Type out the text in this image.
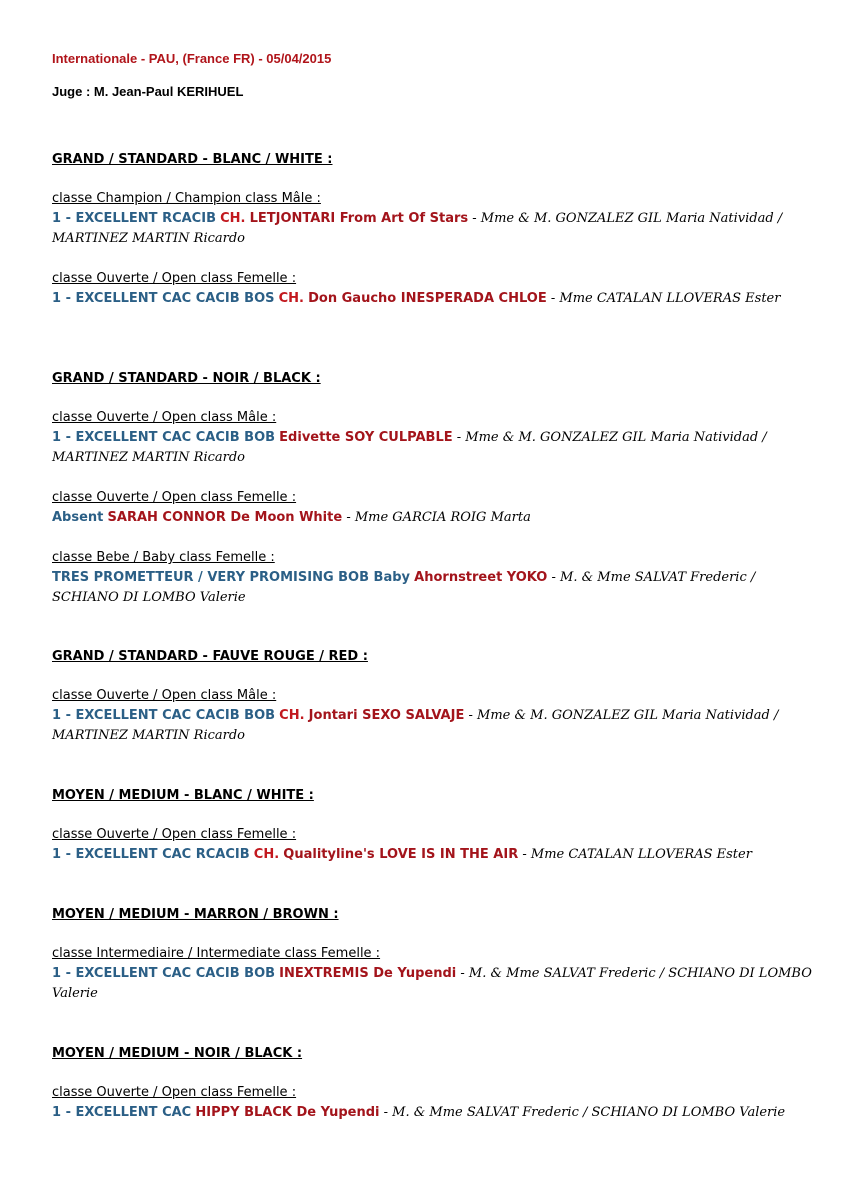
Internationale - PAU, (France FR) - 05/04/2015
Juge : M. Jean-Paul KERIHUEL
GRAND / STANDARD - BLANC / WHITE :
classe Champion / Champion class Mâle :
1 - EXCELLENT RCACIB CH. LETJONTARI From Art Of Stars - Mme & M. GONZALEZ GIL Maria Natividad / MARTINEZ MARTIN Ricardo
classe Ouverte / Open class Femelle :
1 - EXCELLENT CAC CACIB BOS CH. Don Gaucho INESPERADA CHLOE - Mme CATALAN LLOVERAS Ester
GRAND / STANDARD - NOIR / BLACK :
classe Ouverte / Open class Mâle :
1 - EXCELLENT CAC CACIB BOB Edivette SOY CULPABLE - Mme & M. GONZALEZ GIL Maria Natividad / MARTINEZ MARTIN Ricardo
classe Ouverte / Open class Femelle :
Absent SARAH CONNOR De Moon White - Mme GARCIA ROIG Marta
classe Bebe / Baby class Femelle :
TRES PROMETTEUR / VERY PROMISING BOB Baby Ahornstreet YOKO - M. & Mme SALVAT Frederic / SCHIANO DI LOMBO Valerie
GRAND / STANDARD - FAUVE ROUGE / RED :
classe Ouverte / Open class Mâle :
1 - EXCELLENT CAC CACIB BOB CH. Jontari SEXO SALVAJE - Mme & M. GONZALEZ GIL Maria Natividad / MARTINEZ MARTIN Ricardo
MOYEN / MEDIUM - BLANC / WHITE :
classe Ouverte / Open class Femelle :
1 - EXCELLENT CAC RCACIB CH. Qualityline's LOVE IS IN THE AIR - Mme CATALAN LLOVERAS Ester
MOYEN / MEDIUM - MARRON / BROWN :
classe Intermediaire / Intermediate class Femelle :
1 - EXCELLENT CAC CACIB BOB INEXTREMIS De Yupendi - M. & Mme SALVAT Frederic / SCHIANO DI LOMBO Valerie
MOYEN / MEDIUM - NOIR / BLACK :
classe Ouverte / Open class Femelle :
1 - EXCELLENT CAC HIPPY BLACK De Yupendi - M. & Mme SALVAT Frederic / SCHIANO DI LOMBO Valerie
